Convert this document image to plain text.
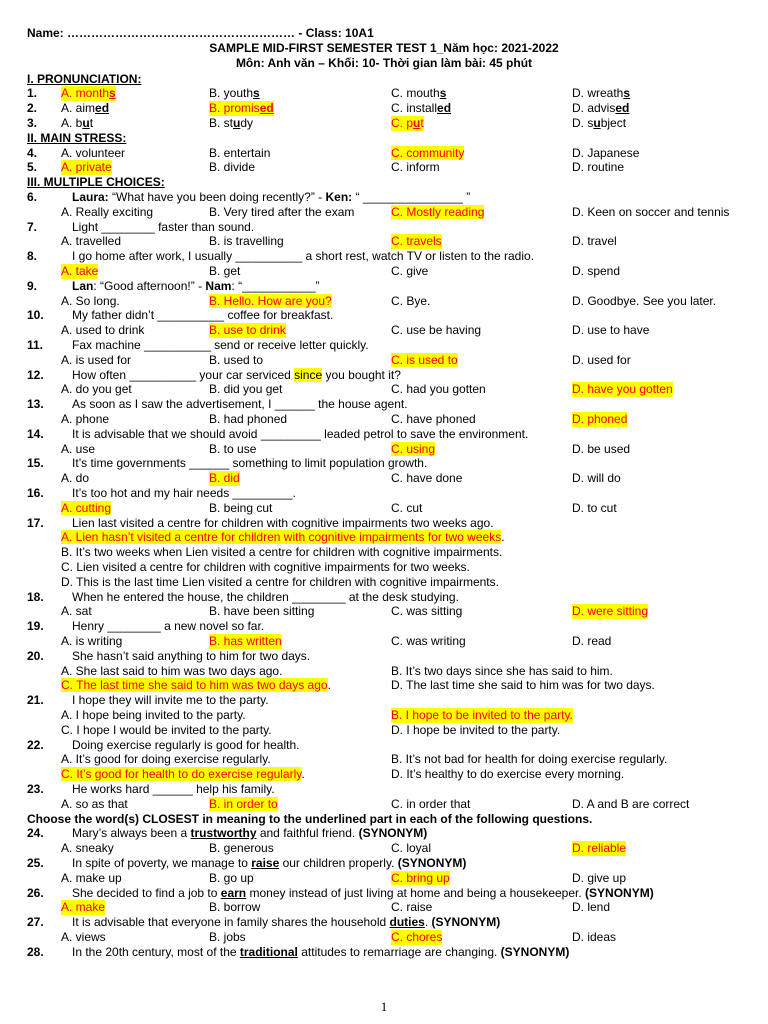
Name: ………………………………………………… - Class: 10A1
SAMPLE MID-FIRST SEMESTER TEST 1_Năm học: 2021-2022
Môn: Anh văn – Khối: 10- Thời gian làm bài: 45 phút
I. PRONUNCIATION:
1. A. months	B. youths	C. mouths	D. wreaths
2. A. aimed	B. promised	C. installed	D. advised
3. A. but	B. study	C. put	D. subject
II. MAIN STRESS:
4. A. volunteer	B. entertain	C. community	D. Japanese
5. A. private	B. divide	C. inform	D. routine
III. MULTIPLE CHOICES:
6.	Laura: “What have you been doing recently?” - Ken: “ _______________ ”
A. Really exciting	B. Very tired after the exam	C. Mostly reading	D. Keen on soccer and tennis
7.	Light ________ faster than sound.
A. travelled	B. is travelling	C. travels	D. travel
8.	I go home after work, I usually __________ a short rest, watch TV or listen to the radio.
A. take	B. get	C. give	D. spend
9.	Lan: “Good afternoon!” - Nam: “___________”
A. So long.	B. Hello. How are you?	C. Bye.	D. Goodbye. See you later.
10. My father didn’t __________ coffee for breakfast.
A. used to drink	B. use to drink	C. use be having	D. use to have
11. Fax machine __________ send or receive letter quickly.
A. is used for	B. used to	C. is used to	D. used for
12. How often __________ your car serviced since you bought it?
A. do you get	B. did you get	C. had you gotten	D. have you gotten
13. As soon as I saw the advertisement, I ______ the house agent.
A. phone	B. had phoned	C. have phoned	D. phoned
14. It is advisable that we should avoid _________ leaded petrol to save the environment.
A. use	B. to use	C. using	D. be used
15. It’s time governments ______ something to limit population growth.
A. do	B. did	C. have done	D. will do
16. It’s too hot and my hair needs _________.
A. cutting	B. being cut	C. cut	D. to cut
17. Lien last visited a centre for children with cognitive impairments two weeks ago.
A. Lien hasn’t visited a centre for children with cognitive impairments for two weeks.
B. It’s two weeks when Lien visited a centre for children with cognitive impairments.
C. Lien visited a centre for children with cognitive impairments for two weeks.
D. This is the last time Lien visited a centre for children with cognitive impairments.
18. When he entered the house, the children ________ at the desk studying.
A. sat	B. have been sitting	C. was sitting	D. were sitting
19. Henry ________ a new novel so far.
A. is writing	B. has written	C. was writing	D. read
20. She hasn’t said anything to him for two days.
A. She last said to him was two days ago.	B. It’s two days since she has said to him.
C. The last time she said to him was two days ago.	D. The last time she said to him was for two days.
21. I hope they will invite me to the party.
A. I hope being invited to the party.	B. I hope to be invited to the party.
C. I hope I would be invited to the party.	D. I hope be invited to the party.
22. Doing exercise regularly is good for health.
A. It’s good for doing exercise regularly.	B. It’s not bad for health for doing exercise regularly.
C. It’s good for health to do exercise regularly.	D. It’s healthy to do exercise every morning.
23. He works hard ______ help his family.
A. so as that	B. in order to	C. in order that	D. A and B are correct
Choose the word(s) CLOSEST in meaning to the underlined part in each of the following questions.
24. Mary’s always been a trustworthy and faithful friend. (SYNONYM)
A. sneaky	B. generous	C. loyal	D. reliable
25. In spite of poverty, we manage to raise our children properly. (SYNONYM)
A. make up	B. go up	C. bring up	D. give up
26. She decided to find a job to earn money instead of just living at home and being a housekeeper. (SYNONYM)
A. make	B. borrow	C. raise	D. lend
27. It is advisable that everyone in family shares the household duties. (SYNONYM)
A. views	B. jobs	C. chores	D. ideas
28. In the 20th century, most of the traditional attitudes to remarriage are changing. (SYNONYM)
1
